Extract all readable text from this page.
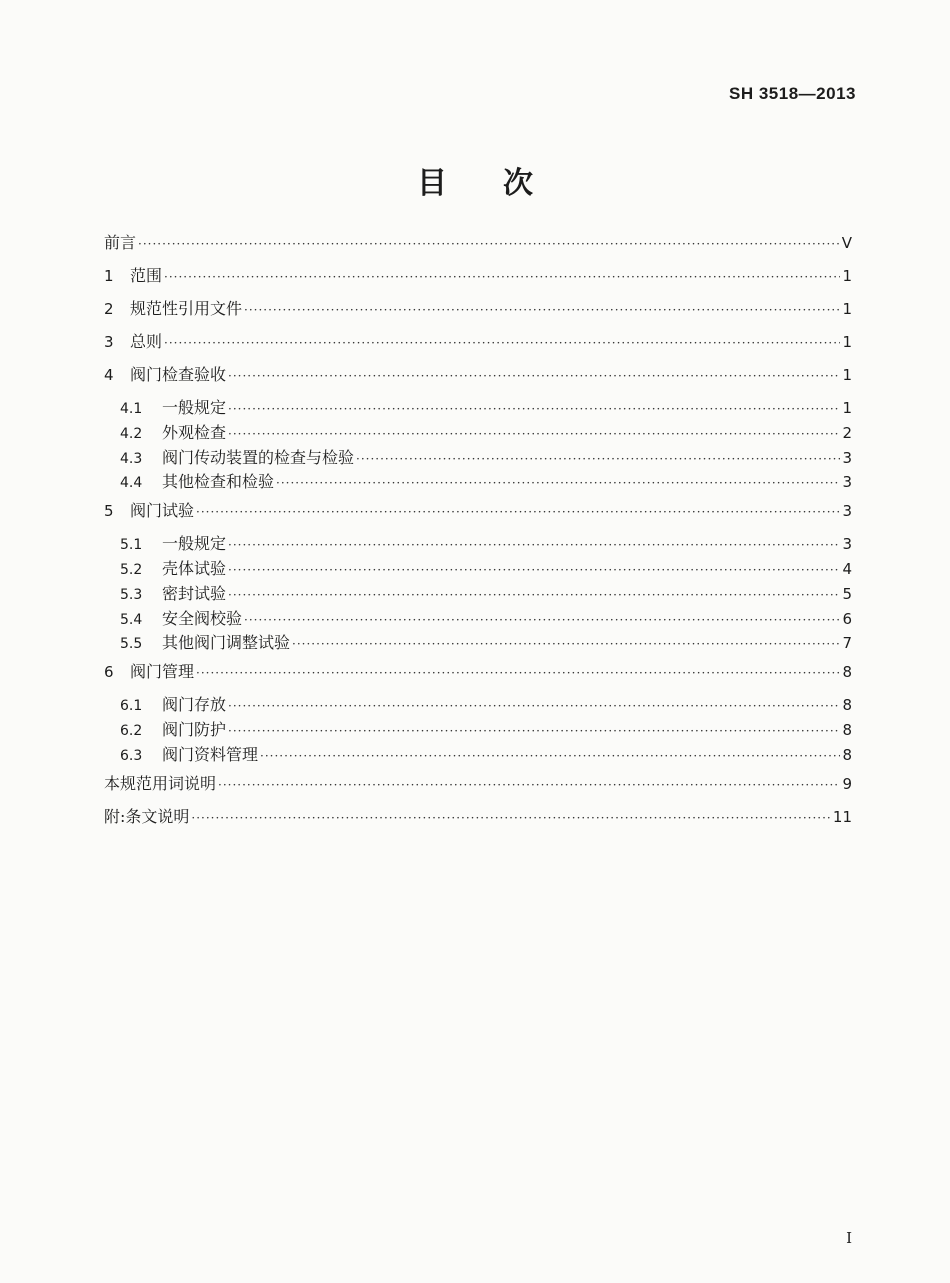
SH 3518—2013
目 次
前言 ·····	V
1	范围 ·····	1
2	规范性引用文件 ·····	1
3	总则 ·····	1
4	阀门检查验收 ·····	1
4.1	一般规定 ·····	1
4.2	外观检查 ·····	2
4.3	阀门传动装置的检查与检验 ·····	3
4.4	其他检查和检验 ·····	3
5	阀门试验 ·····	3
5.1	一般规定 ·····	3
5.2	壳体试验 ·····	4
5.3	密封试验 ·····	5
5.4	安全阀校验 ·····	6
5.5	其他阀门调整试验 ·····	7
6	阀门管理 ·····	8
6.1	阀门存放 ·····	8
6.2	阀门防护 ·····	8
6.3	阀门资料管理 ·····	8
本规范用词说明 ·····	9
附:条文说明 ·····	11
I
